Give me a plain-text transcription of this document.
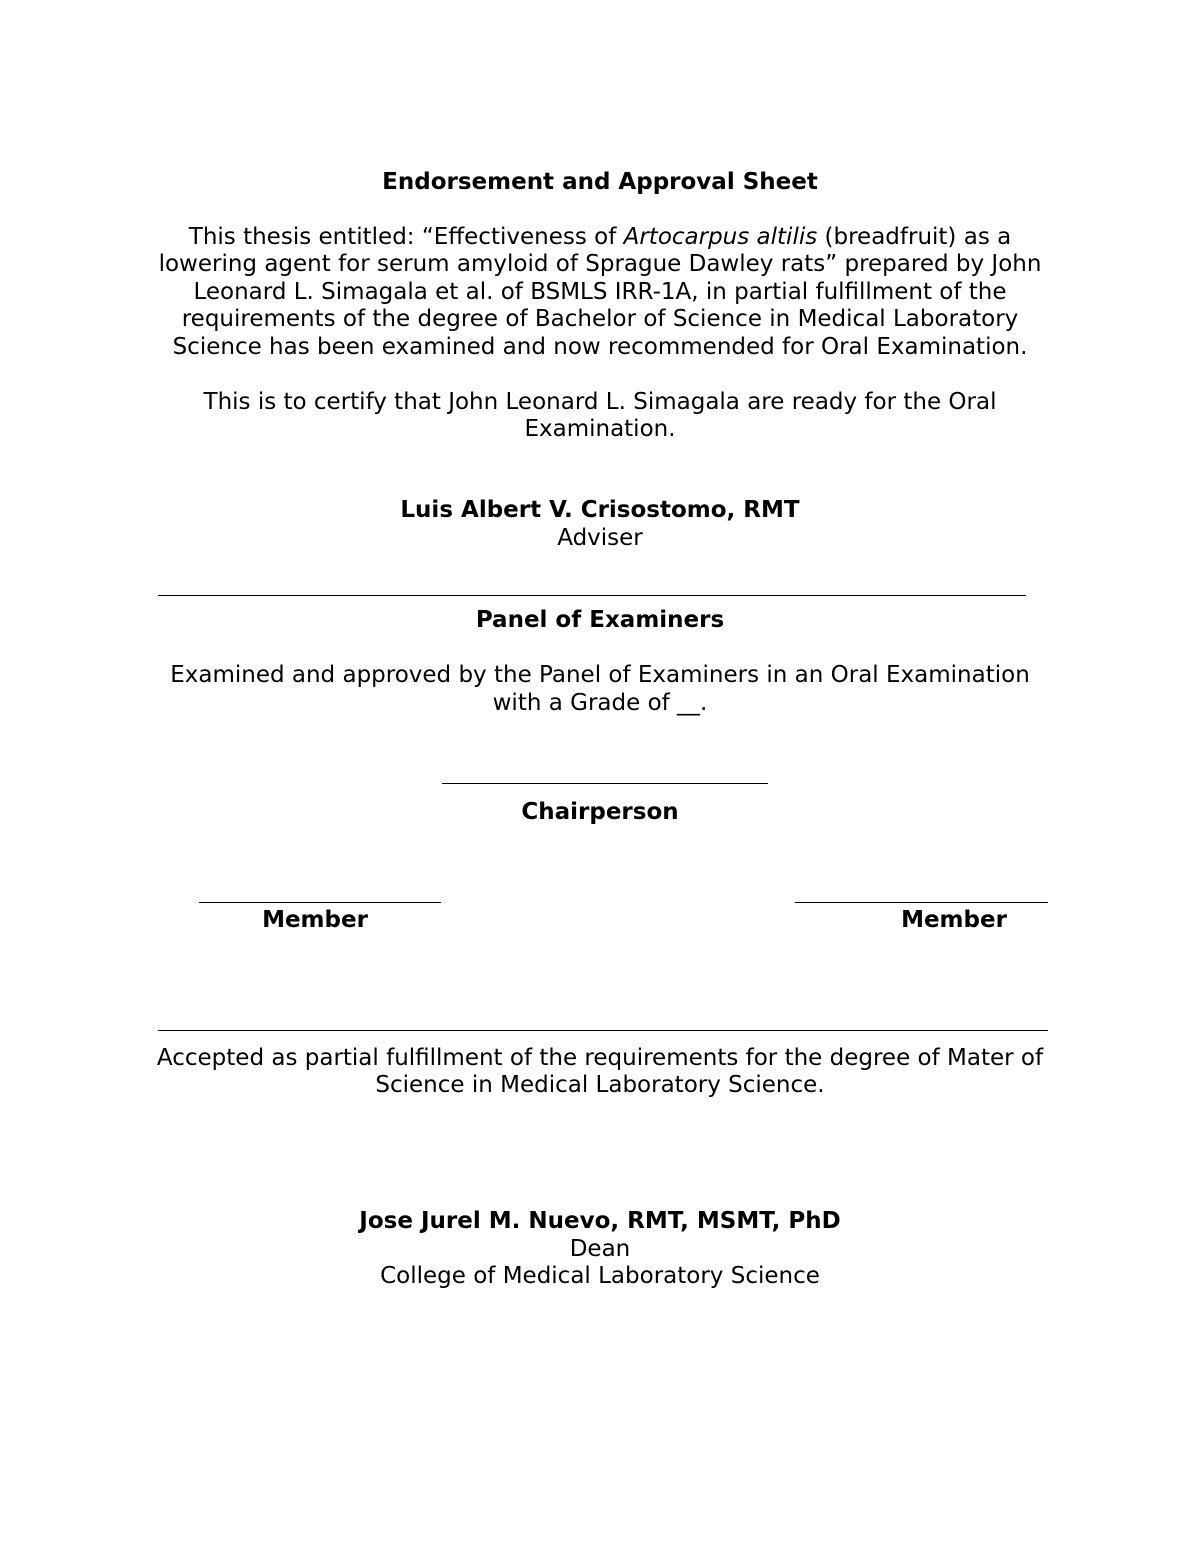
Endorsement and Approval Sheet
This thesis entitled: “Effectiveness of Artocarpus altilis (breadfruit) as a
lowering agent for serum amyloid of Sprague Dawley rats” prepared by John
Leonard L. Simagala et al. of BSMLS IRR-1A, in partial fulfillment of the
requirements of the degree of Bachelor of Science in Medical Laboratory
Science has been examined and now recommended for Oral Examination.
This is to certify that John Leonard L. Simagala are ready for the Oral
Examination.
Luis Albert V. Crisostomo, RMT
Adviser
Panel of Examiners
Examined and approved by the Panel of Examiners in an Oral Examination
with a Grade of __.
Chairperson
Member	Member
Accepted as partial fulfillment of the requirements for the degree of Mater of
Science in Medical Laboratory Science.
Jose Jurel M. Nuevo, RMT, MSMT, PhD
Dean
College of Medical Laboratory Science
